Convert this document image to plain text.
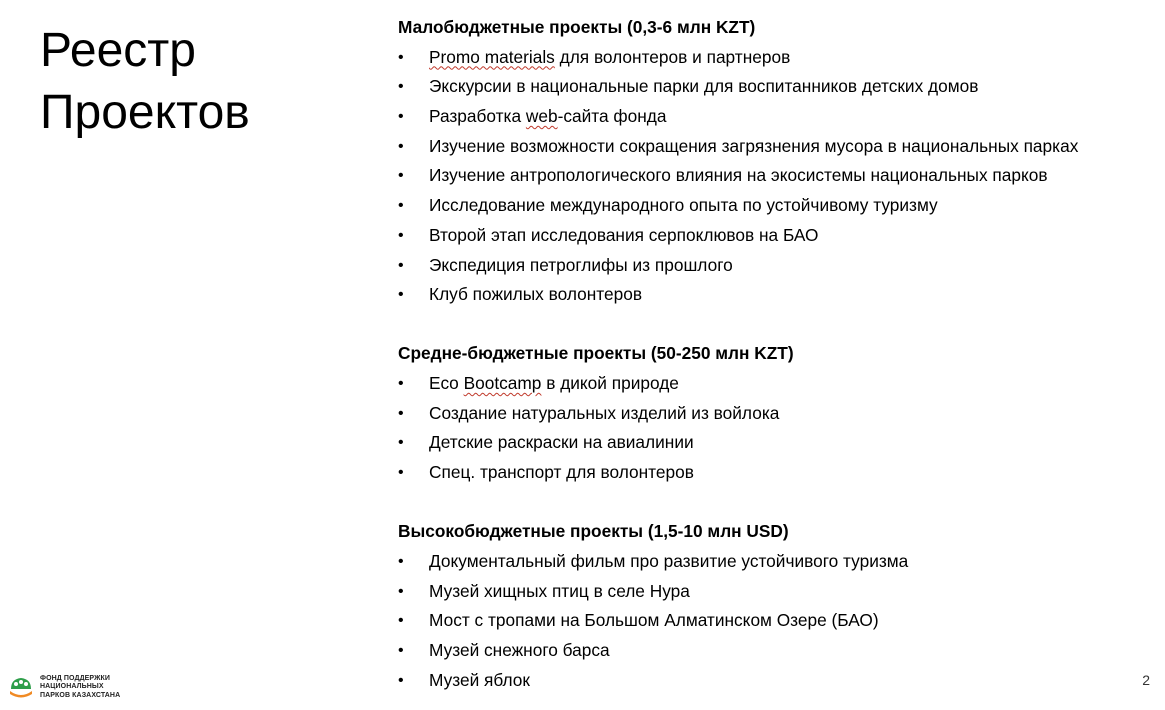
Реестр
Проектов
Малобюджетные проекты (0,3-6 млн KZT)
• Promo materials для волонтеров и партнеров
• Экскурсии в национальные парки для воспитанников детских домов
• Разработка web-сайта фонда
• Изучение возможности сокращения загрязнения мусора в национальных парках
• Изучение антропологического влияния на экосистемы национальных парков
• Исследование международного опыта по устойчивому туризму
• Второй этап исследования серпоклювов на БАО
• Экспедиция петроглифы из прошлого
• Клуб пожилых волонтеров
Средне-бюджетные проекты (50-250 млн KZT)
• Eco Bootcamp в дикой природе
• Создание натуральных изделий из войлока
• Детские раскраски на авиалинии
• Спец. транспорт для волонтеров
Высокобюджетные проекты (1,5-10 млн USD)
• Документальный фильм про развитие устойчивого туризма
• Музей хищных птиц в селе Нура
• Мост с тропами на Большом Алматинском Озере (БАО)
• Музей снежного барса
• Музей яблок
ФОНД ПОДДЕРЖКИ
НАЦИОНАЛЬНЫХ
ПАРКОВ КАЗАХСТАНА
2
